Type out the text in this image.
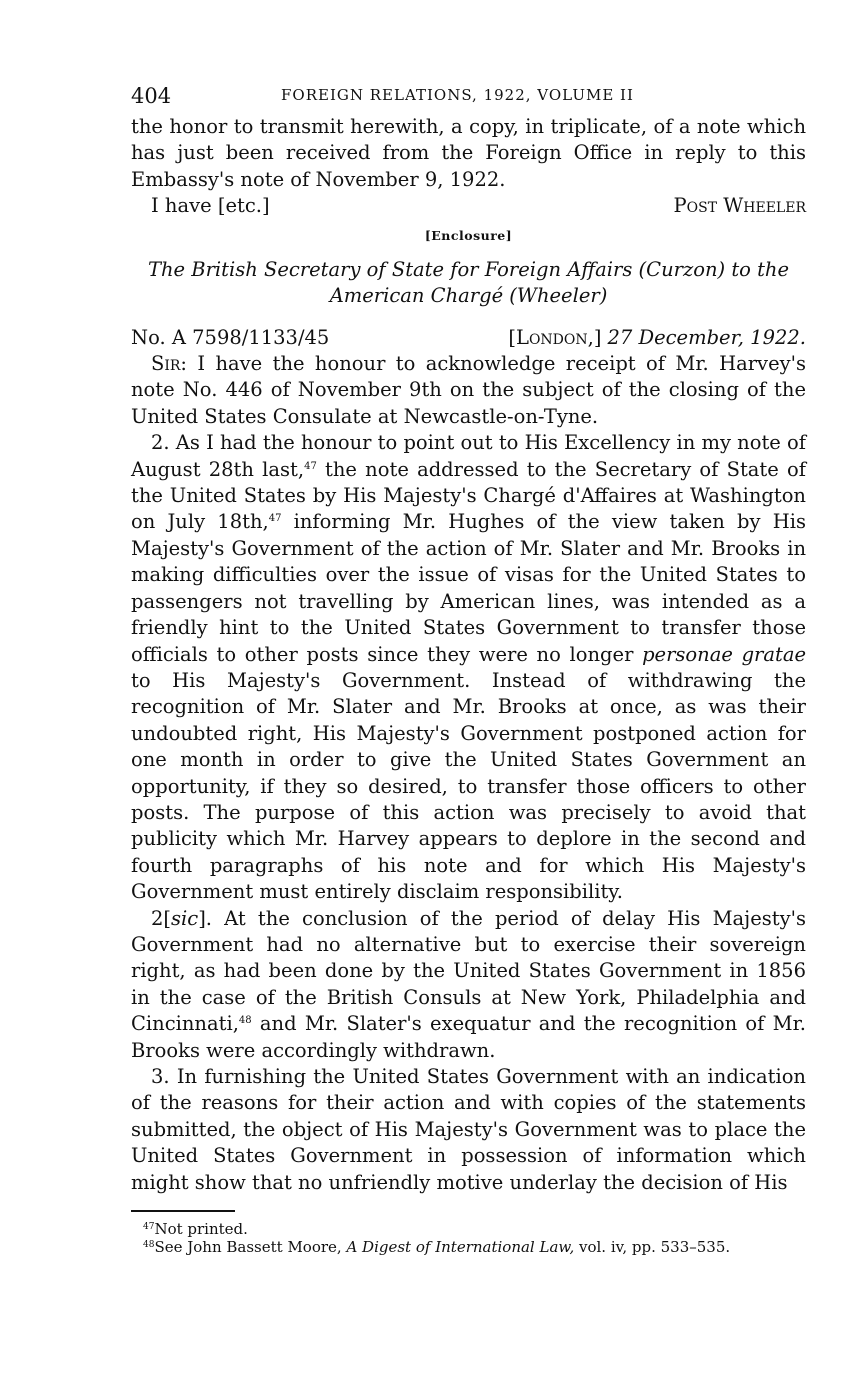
404	FOREIGN RELATIONS, 1922, VOLUME II

the honor to transmit herewith, a copy, in triplicate, of a note which has just been received from the Foreign Office in reply to this Embassy's note of November 9, 1922.

I have [etc.]	Post Wheeler
[Enclosure]
The British Secretary of State for Foreign Affairs (Curzon) to the
American Chargé (Wheeler)
No. A 7598/1133/45	[London,] 27 December, 1922.

Sir: I have the honour to acknowledge receipt of Mr. Harvey's note No. 446 of November 9th on the subject of the closing of the United States Consulate at Newcastle-on-Tyne.

2. As I had the honour to point out to His Excellency in my note of August 28th last,$^{47}$ the note addressed to the Secretary of State of the United States by His Majesty's Chargé d'Affaires at Washington on July 18th,$^{47}$ informing Mr. Hughes of the view taken by His Majesty's Government of the action of Mr. Slater and Mr. Brooks in making difficulties over the issue of visas for the United States to passengers not travelling by American lines, was intended as a friendly hint to the United States Government to transfer those officials to other posts since they were no longer personae gratae to His Majesty's Government. Instead of withdrawing the recognition of Mr. Slater and Mr. Brooks at once, as was their undoubted right, His Majesty's Government postponed action for one month in order to give the United States Government an opportunity, if they so desired, to transfer those officers to other posts. The purpose of this action was precisely to avoid that publicity which Mr. Harvey appears to deplore in the second and fourth paragraphs of his note and for which His Majesty's Government must entirely disclaim responsibility.

2[sic]. At the conclusion of the period of delay His Majesty's Government had no alternative but to exercise their sovereign right, as had been done by the United States Government in 1856 in the case of the British Consuls at New York, Philadelphia and Cincinnati,$^{48}$ and Mr. Slater's exequatur and the recognition of Mr. Brooks were accordingly withdrawn.

3. In furnishing the United States Government with an indication of the reasons for their action and with copies of the statements submitted, the object of His Majesty's Government was to place the United States Government in possession of information which might show that no unfriendly motive underlay the decision of His

$^{47}$Not printed.
$^{48}$See John Bassett Moore, A Digest of International Law, vol. iv, pp. 533–535.
